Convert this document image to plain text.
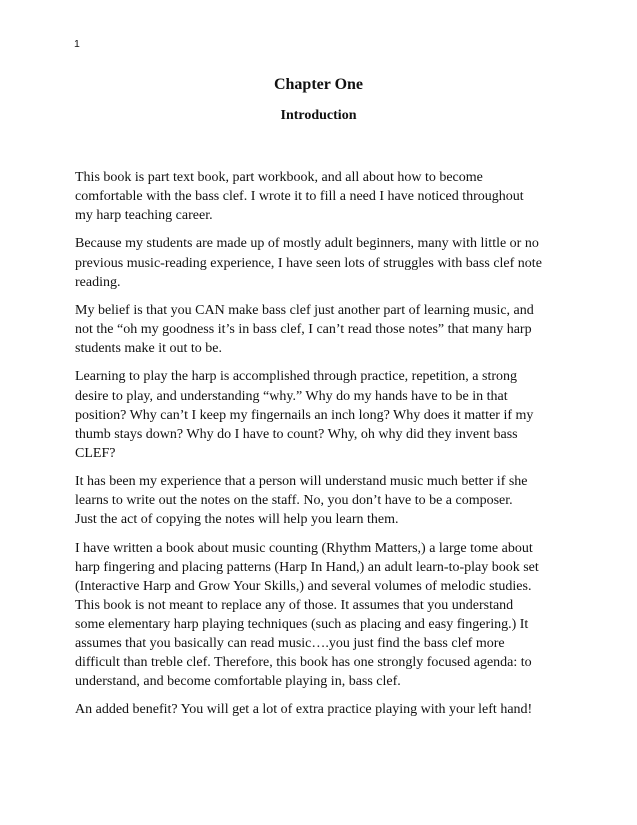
1
Chapter One
Introduction

This book is part text book, part workbook, and all about how to become
comfortable with the bass clef. I wrote it to fill a need I have noticed throughout
my harp teaching career.

Because my students are made up of mostly adult beginners, many with little or no
previous music-reading experience, I have seen lots of struggles with bass clef note
reading.

My belief is that you CAN make bass clef just another part of learning music, and
not the “oh my goodness it’s in bass clef, I can’t read those notes” that many harp
students make it out to be.

Learning to play the harp is accomplished through practice, repetition, a strong
desire to play, and understanding “why.” Why do my hands have to be in that
position? Why can’t I keep my fingernails an inch long? Why does it matter if my
thumb stays down? Why do I have to count? Why, oh why did they invent bass
CLEF?

It has been my experience that a person will understand music much better if she
learns to write out the notes on the staff. No, you don’t have to be a composer.
Just the act of copying the notes will help you learn them.

I have written a book about music counting (Rhythm Matters,) a large tome about
harp fingering and placing patterns (Harp In Hand,) an adult learn-to-play book set
(Interactive Harp and Grow Your Skills,) and several volumes of melodic studies.
This book is not meant to replace any of those. It assumes that you understand
some elementary harp playing techniques (such as placing and easy fingering.) It
assumes that you basically can read music….you just find the bass clef more
difficult than treble clef. Therefore, this book has one strongly focused agenda: to
understand, and become comfortable playing in, bass clef.

An added benefit? You will get a lot of extra practice playing with your left hand!
